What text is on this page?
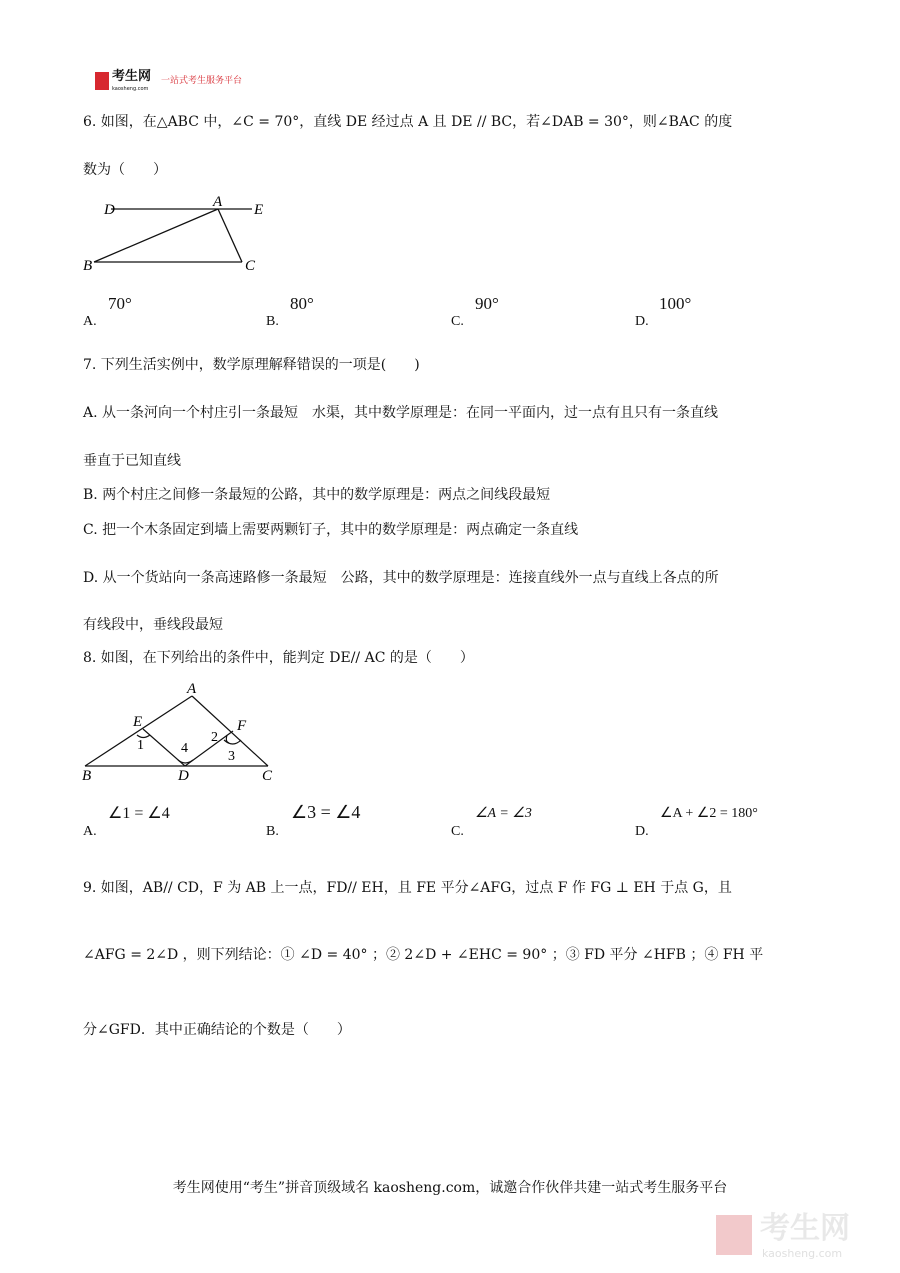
考生网
kaosheng.com
一站式考生服务平台
6. 如图，在△ABC 中，∠C = 70°，直线 DE 经过点 A 且 DE // BC，若∠DAB = 30°，则∠BAC 的度
数为（　　）
D	A E
B	C
A
E	F
B	D	C
1
2
3
4
A.
70°
B.
80°
C.
90°
D.
100°
7. 下列生活实例中，数学原理解释错误的一项是(　　)
A. 从一条河向一个村庄引一条最短　水渠，其中数学原理是：在同一平面内，过一点有且只有一条直线
垂直于已知直线
B. 两个村庄之间修一条最短的公路，其中的数学原理是：两点之间线段最短
C. 把一个木条固定到墙上需要两颗钉子，其中的数学原理是：两点确定一条直线
D. 从一个货站向一条高速路修一条最短　公路，其中的数学原理是：连接直线外一点与直线上各点的所
有线段中，垂线段最短
8. 如图，在下列给出的条件中，能判定 DE// AC 的是（　　）
A.
∠1 = ∠4
B.
∠3 = ∠4
C.
∠A = ∠3
D.
∠A + ∠2 = 180°
9. 如图，AB// CD，F 为 AB 上一点，FD// EH，且 FE 平分∠AFG，过点 F 作 FG ⊥ EH 于点 G，且
∠AFG = 2∠D ，则下列结论：① ∠D = 40° ；② 2∠D + ∠EHC = 90° ；③ FD 平分 ∠HFB ；④ FH 平
分∠GFD．其中正确结论的个数是（　　）
考生网使用“考生”拼音顶级域名 kaosheng.com，诚邀合作伙伴共建一站式考生服务平台
考生网
kaosheng.com
